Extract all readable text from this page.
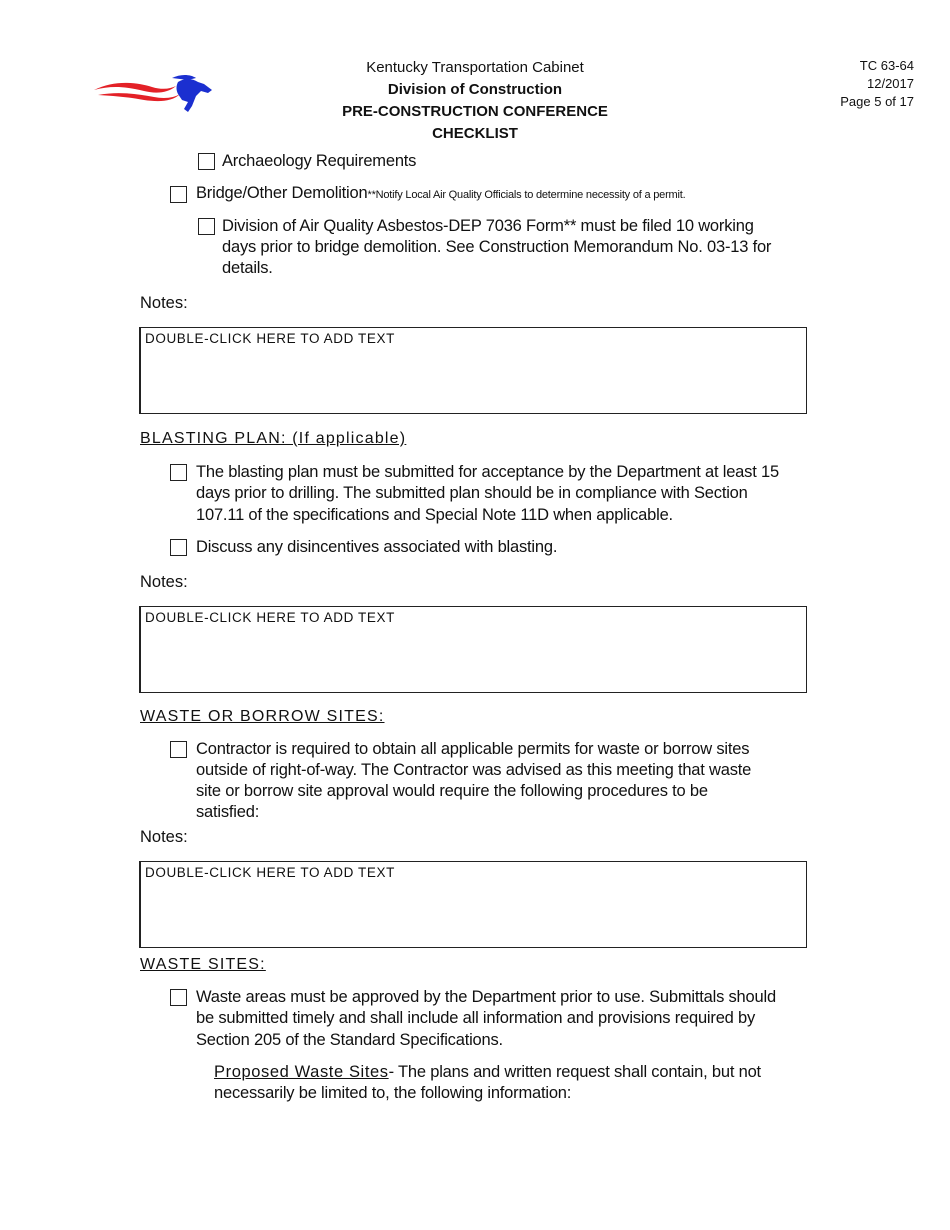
Kentucky Transportation Cabinet
Division of Construction
PRE-CONSTRUCTION CONFERENCE CHECKLIST
TC 63-64
12/2017
Page 5 of 17
Archaeology Requirements
Bridge/Other Demolition**Notify Local Air Quality Officials to determine necessity of a permit.
Division of Air Quality Asbestos-DEP 7036 Form** must be filed 10 working
days prior to bridge demolition. See Construction Memorandum No. 03-13 for
details.
Notes:
DOUBLE-CLICK HERE TO ADD TEXT
BLASTING PLAN: (If applicable)
The blasting plan must be submitted for acceptance by the Department at least 15
days prior to drilling. The submitted plan should be in compliance with Section
107.11 of the specifications and Special Note 11D when applicable.
Discuss any disincentives associated with blasting.
Notes:
DOUBLE-CLICK HERE TO ADD TEXT
WASTE OR BORROW SITES:
Contractor is required to obtain all applicable permits for waste or borrow sites
outside of right-of-way. The Contractor was advised as this meeting that waste
site or borrow site approval would require the following procedures to be
satisfied:
Notes:
DOUBLE-CLICK HERE TO ADD TEXT
WASTE SITES:
Waste areas must be approved by the Department prior to use. Submittals should
be submitted timely and shall include all information and provisions required by
Section 205 of the Standard Specifications.
Proposed Waste Sites- The plans and written request shall contain, but not
necessarily be limited to, the following information:
